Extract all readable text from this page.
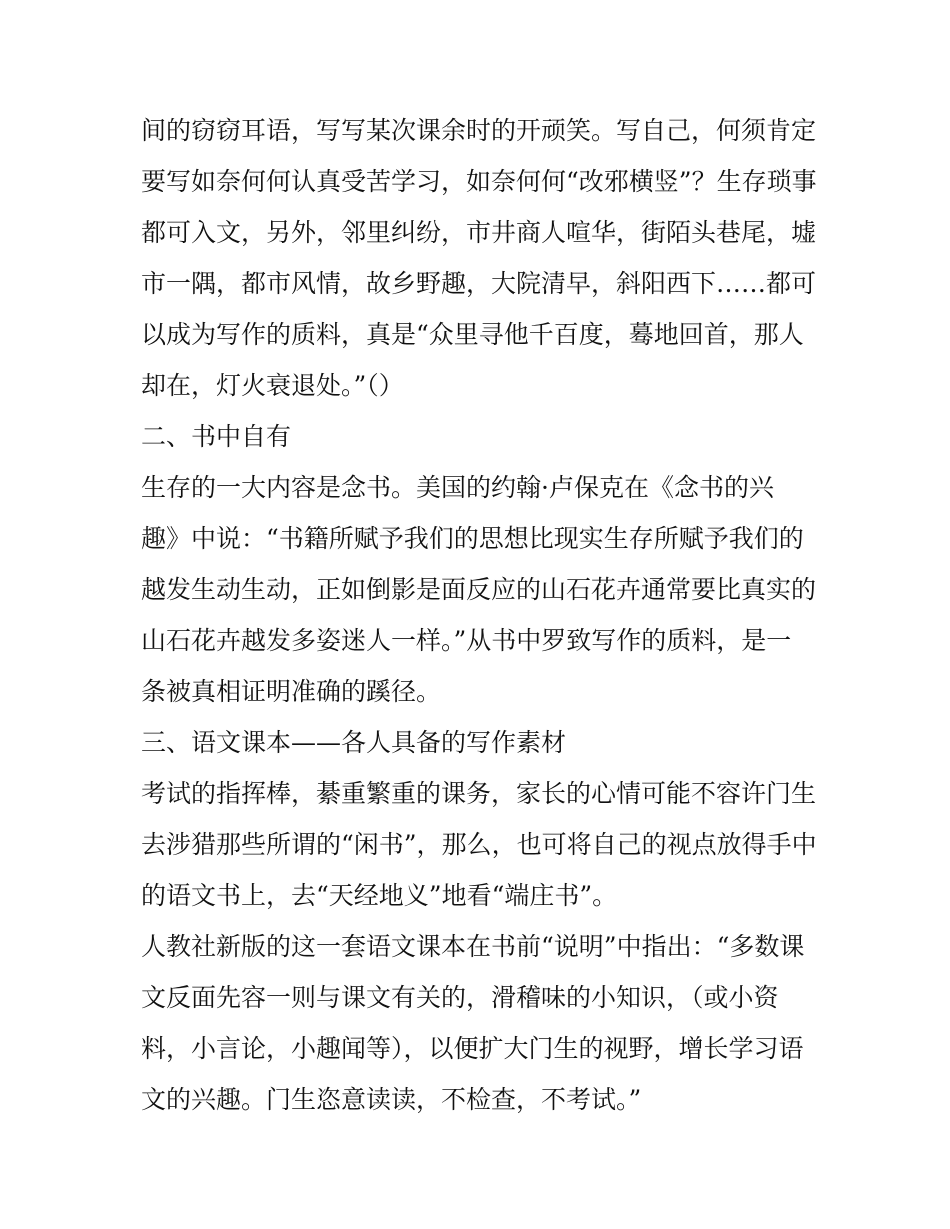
间的窃窃耳语，写写某次课余时的开顽笑。写自己，何须肯定
要写如奈何何认真受苦学习，如奈何何“改邪横竖”？生存琐事
都可入文，另外，邻里纠纷，市井商人喧华，街陌头巷尾，墟
市一隅，都市风情，故乡野趣，大院清早，斜阳西下……都可
以成为写作的质料，真是“众里寻他千百度，蓦地回首，那人
却在，灯火衰退处。”（）
二、书中自有
生存的一大内容是念书。美国的约翰·卢保克在《念书的兴
趣》中说：“书籍所赋予我们的思想比现实生存所赋予我们的
越发生动生动，正如倒影是面反应的山石花卉通常要比真实的
山石花卉越发多姿迷人一样。”从书中罗致写作的质料，是一
条被真相证明准确的蹊径。
三、语文课本——各人具备的写作素材
考试的指挥棒，綦重繁重的课务，家长的心情可能不容许门生
去涉猎那些所谓的“闲书”，那么，也可将自己的视点放得手中
的语文书上，去“天经地义”地看“端庄书”。
人教社新版的这一套语文课本在书前“说明”中指出：“多数课
文反面先容一则与课文有关的，滑稽味的小知识，（或小资
料，小言论，小趣闻等），以便扩大门生的视野，增长学习语
文的兴趣。门生恣意读读，不检查，不考试。”
